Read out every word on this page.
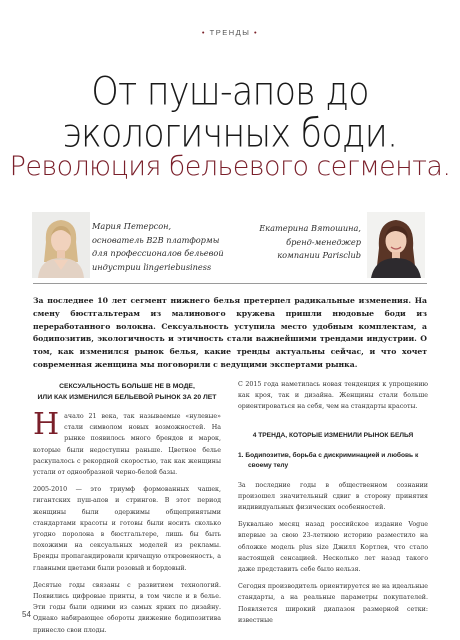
• ТРЕНДЫ •
От пуш-апов до
экологичных боди.
Революция бельевого сегмента.
Мария Петерсон,
основатель B2B платформы
для профессионалов бельевой
индустрии lingeriebusiness
Екатерина Вятошина,
бренд-менеджер
компании Parisclub
За последнее 10 лет сегмент нижнего белья претерпел радикальные изменения. На смену бюстгальтерам из малинового кружева пришли нюдовые боди из переработанного волокна. Сексуальность уступила место удобным комплектам, а бодипозитив, экологичность и этичность стали важнейшими трендами индустрии. О том, как изменился рынок белья, какие тренды актуальны сейчас, и что хочет современная женщина мы поговорили с ведущими экспертами рынка.
СЕКСУАЛЬНОСТЬ БОЛЬШЕ НЕ В МОДЕ,
ИЛИ КАК ИЗМЕНИЛСЯ БЕЛЬЕВОЙ РЫНОК ЗА 20 ЛЕТ
Н ачало 21 века, так называемые «нулевые» стали символом новых возможностей. На рынке появилось много брендов и марок, которые были недоступны раньше. Цветное белье раскупалось с рекордной скоростью, так как женщины устали от однообразной черно-белой базы.
2005-2010 — это триумф формованных чашек, гигантских пуш-апов и стрингов. В этот период женщины были одержимы общепринятыми стандартами красоты и готовы были носить сколько угодно поролона в бюстгальтере, лишь бы быть похожими на сексуальных моделей из рекламы. Бренды пропагандировали кричащую откровенность, а главными цветами были розовый и бордовый.
Десятые годы связаны с развитием технологий. Появились цифровые принты, в том числе и в белье. Эти годы были одними из самых ярких по дизайну. Однако набирающее обороты движение бодипозитива принесло свои плоды.
С 2015 года наметилась новая тенденция к упрощению как кроя, так и дизайна. Женщины стали больше ориентироваться на себя, чем на стандарты красоты.
4 ТРЕНДА, КОТОРЫЕ ИЗМЕНИЛИ РЫНОК БЕЛЬЯ
1. Бодипозитив, борьба с дискриминацией и любовь к своему телу
За последние годы в общественном сознании произошел значительный сдвиг в сторону принятия индивидуальных физических особенностей.
Буквально месяц назад российское издание Vogue впервые за свою 23-летнюю историю разместило на обложке модель plus size Джилл Кортлев, что стало настоящей сенсацией. Несколько лет назад такого даже представить себе было нельзя.
Сегодня производитель ориентируется не на идеальные стандарты, а на реальные параметры покупателей. Появляется широкий диапазон размерной сетки: известные
54
